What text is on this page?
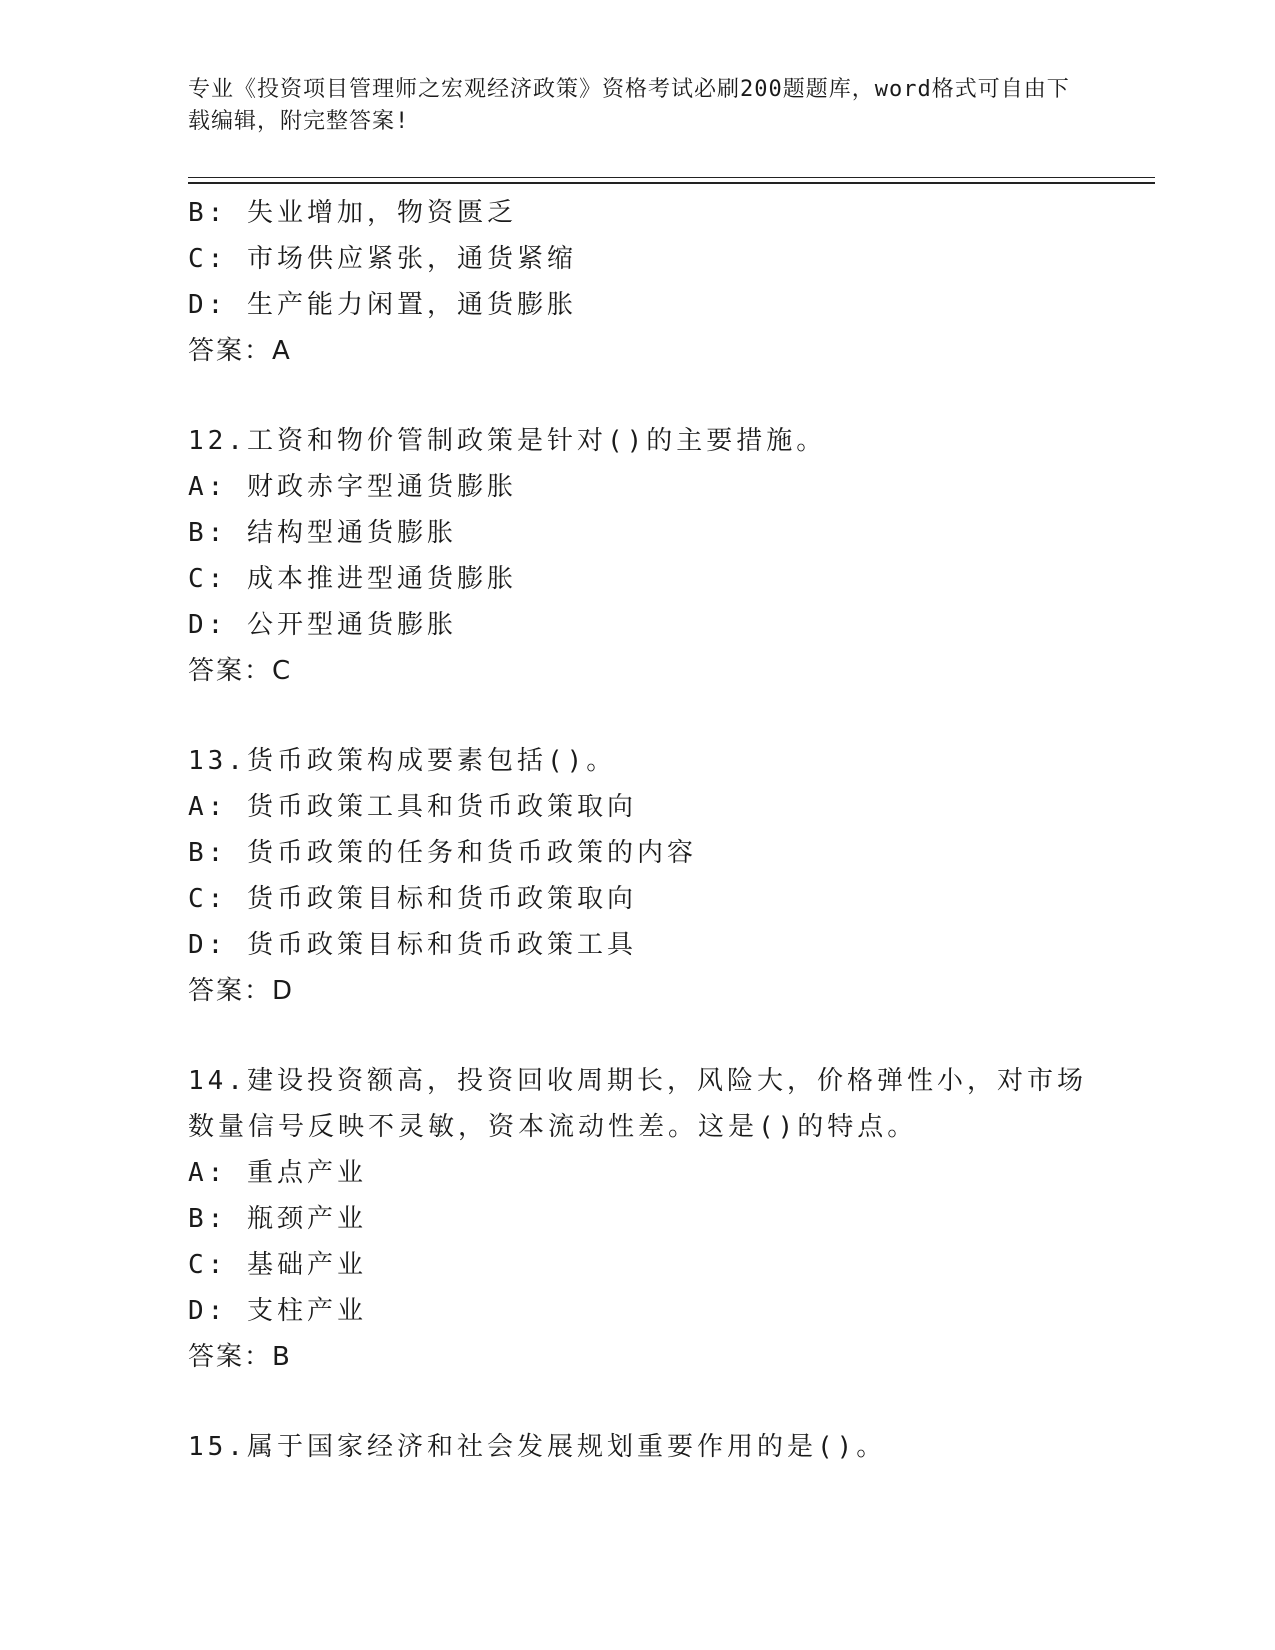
专业《投资项目管理师之宏观经济政策》资格考试必刷200题题库，word格式可自由下载编辑，附完整答案!
B: 失业增加，物资匮乏
C: 市场供应紧张，通货紧缩
D: 生产能力闲置，通货膨胀
答案：A
12.工资和物价管制政策是针对()的主要措施。
A: 财政赤字型通货膨胀
B: 结构型通货膨胀
C: 成本推进型通货膨胀
D: 公开型通货膨胀
答案：C
13.货币政策构成要素包括()。
A: 货币政策工具和货币政策取向
B: 货币政策的任务和货币政策的内容
C: 货币政策目标和货币政策取向
D: 货币政策目标和货币政策工具
答案：D
14.建设投资额高，投资回收周期长，风险大，价格弹性小，对市场数量信号反映不灵敏，资本流动性差。这是()的特点。
A: 重点产业
B: 瓶颈产业
C: 基础产业
D: 支柱产业
答案：B
15.属于国家经济和社会发展规划重要作用的是()。
